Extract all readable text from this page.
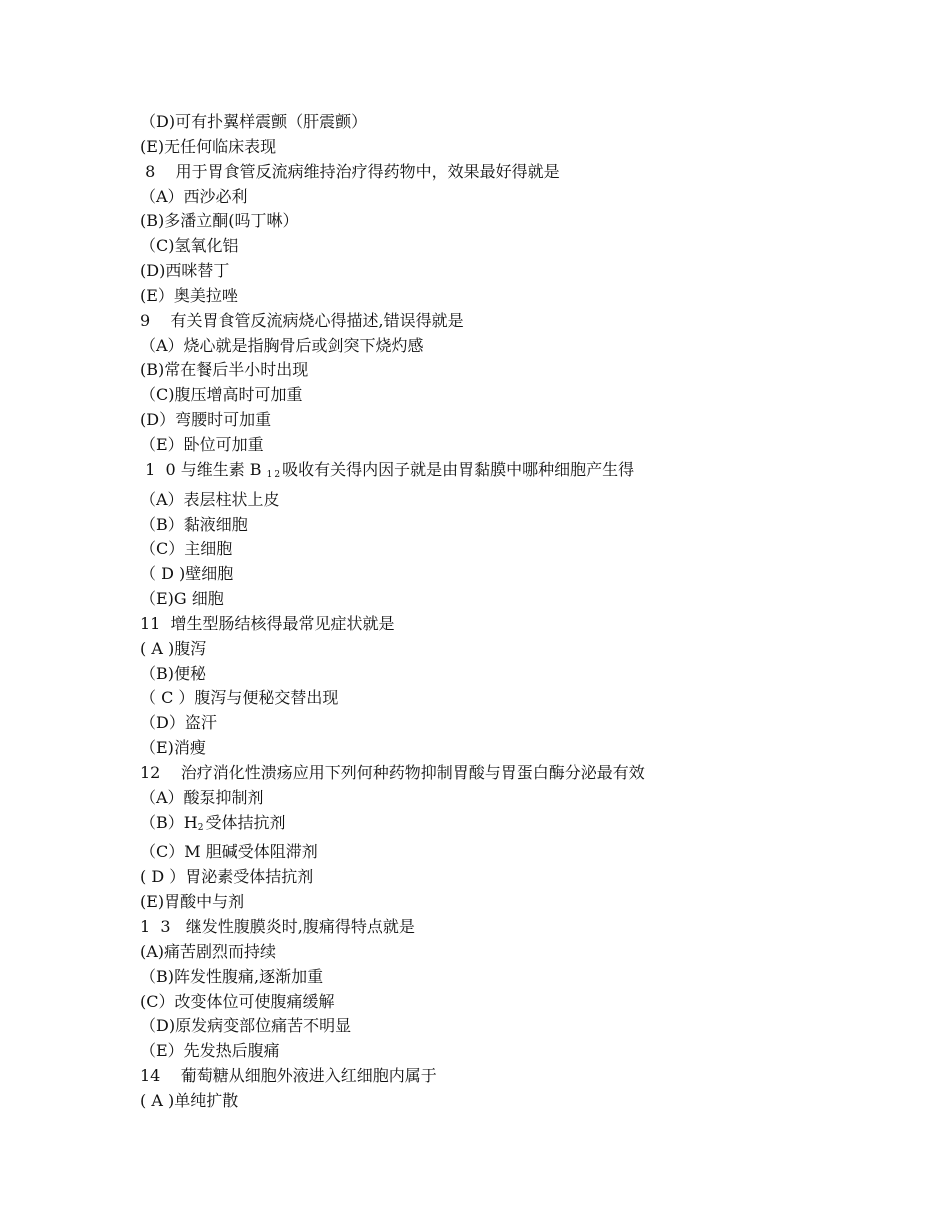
（D)可有扑翼样震颤（肝震颤）
(E)无任何临床表现
8    用于胃食管反流病维持治疗得药物中，效果最好得就是
（A）西沙必利
(B)多潘立酮(吗丁啉）
（C)氢氧化铝
(D)西咪替丁
(E）奥美拉唑
9    有关胃食管反流病烧心得描述,错误得就是
（A）烧心就是指胸骨后或剑突下烧灼感
(B)常在餐后半小时出现
（C)腹压增高时可加重
(D）弯腰时可加重
（E）卧位可加重
1  0 与维生素 B $_{12}$吸收有关得内因子就是由胃黏膜中哪种细胞产生得
（A）表层柱状上皮
（B）黏液细胞
（C）主细胞
（ D )壁细胞
（E)G 细胞
11  增生型肠结核得最常见症状就是
( A )腹泻
（B)便秘
（ C ）腹泻与便秘交替出现
（D）盗汗
（E)消瘦
12    治疗消化性溃疡应用下列何种药物抑制胃酸与胃蛋白酶分泌最有效
（A）酸泵抑制剂
$(B)H_2$受体拮抗剂
（C）M 胆碱受体阻滞剂
( D ）胃泌素受体拮抗剂
(E)胃酸中与剂
1  3   继发性腹膜炎时,腹痛得特点就是
(A)痛苦剧烈而持续
（B)阵发性腹痛,逐渐加重
(C）改变体位可使腹痛缓解
（D)原发病变部位痛苦不明显
（E）先发热后腹痛
14    葡萄糖从细胞外液进入红细胞内属于
( A )单纯扩散
